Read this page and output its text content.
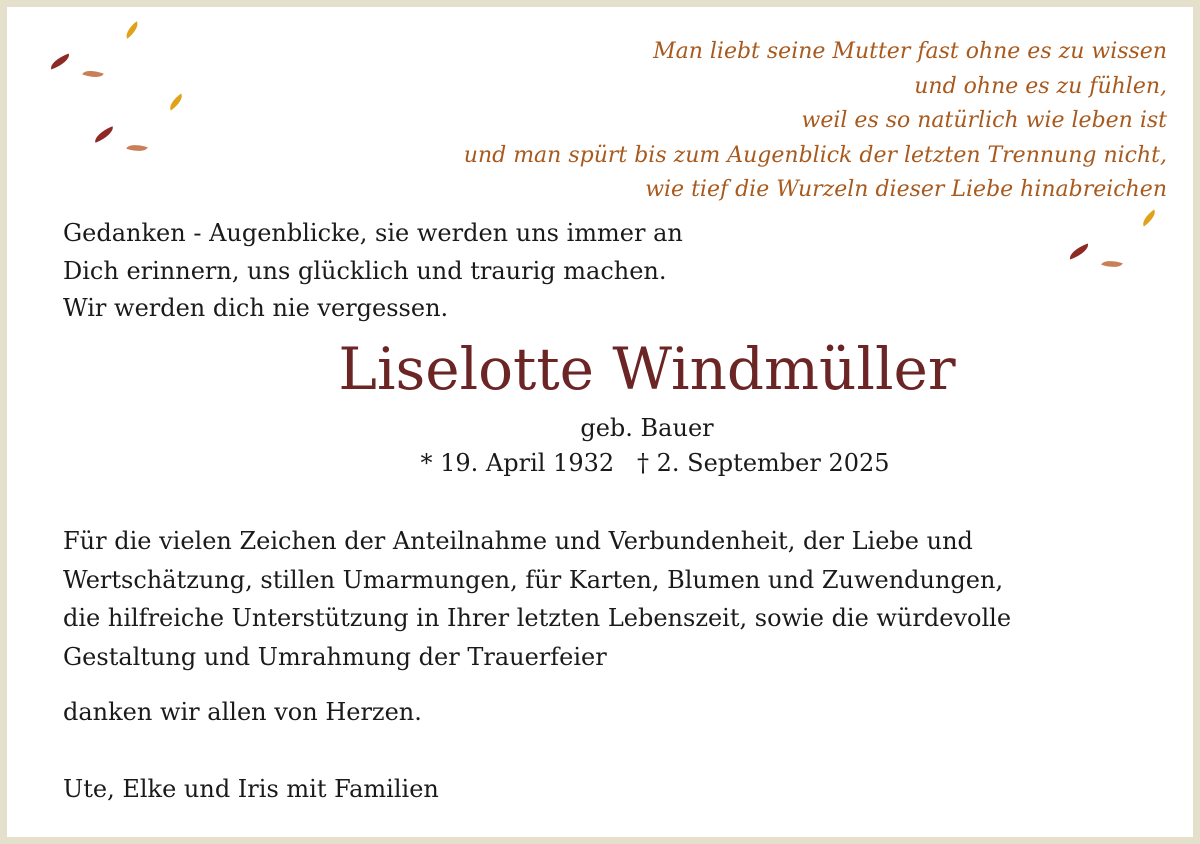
Man liebt seine Mutter fast ohne es zu wissen
und ohne es zu fühlen,
weil es so natürlich wie leben ist
und man spürt bis zum Augenblick der letzten Trennung nicht,
wie tief die Wurzeln dieser Liebe hinabreichen
Gedanken - Augenblicke, sie werden uns immer an
Dich erinnern, uns glücklich und traurig machen.
Wir werden dich nie vergessen.
Liselotte Windmüller
geb. Bauer
* 19. April 1932   † 2. September 2025
Für die vielen Zeichen der Anteilnahme und Verbundenheit, der Liebe und
Wertschätzung, stillen Umarmungen, für Karten, Blumen und Zuwendungen,
die hilfreiche Unterstützung in Ihrer letzten Lebenszeit, sowie die würdevolle
Gestaltung und Umrahmung der Trauerfeier
danken wir allen von Herzen.
Ute, Elke und Iris mit Familien
